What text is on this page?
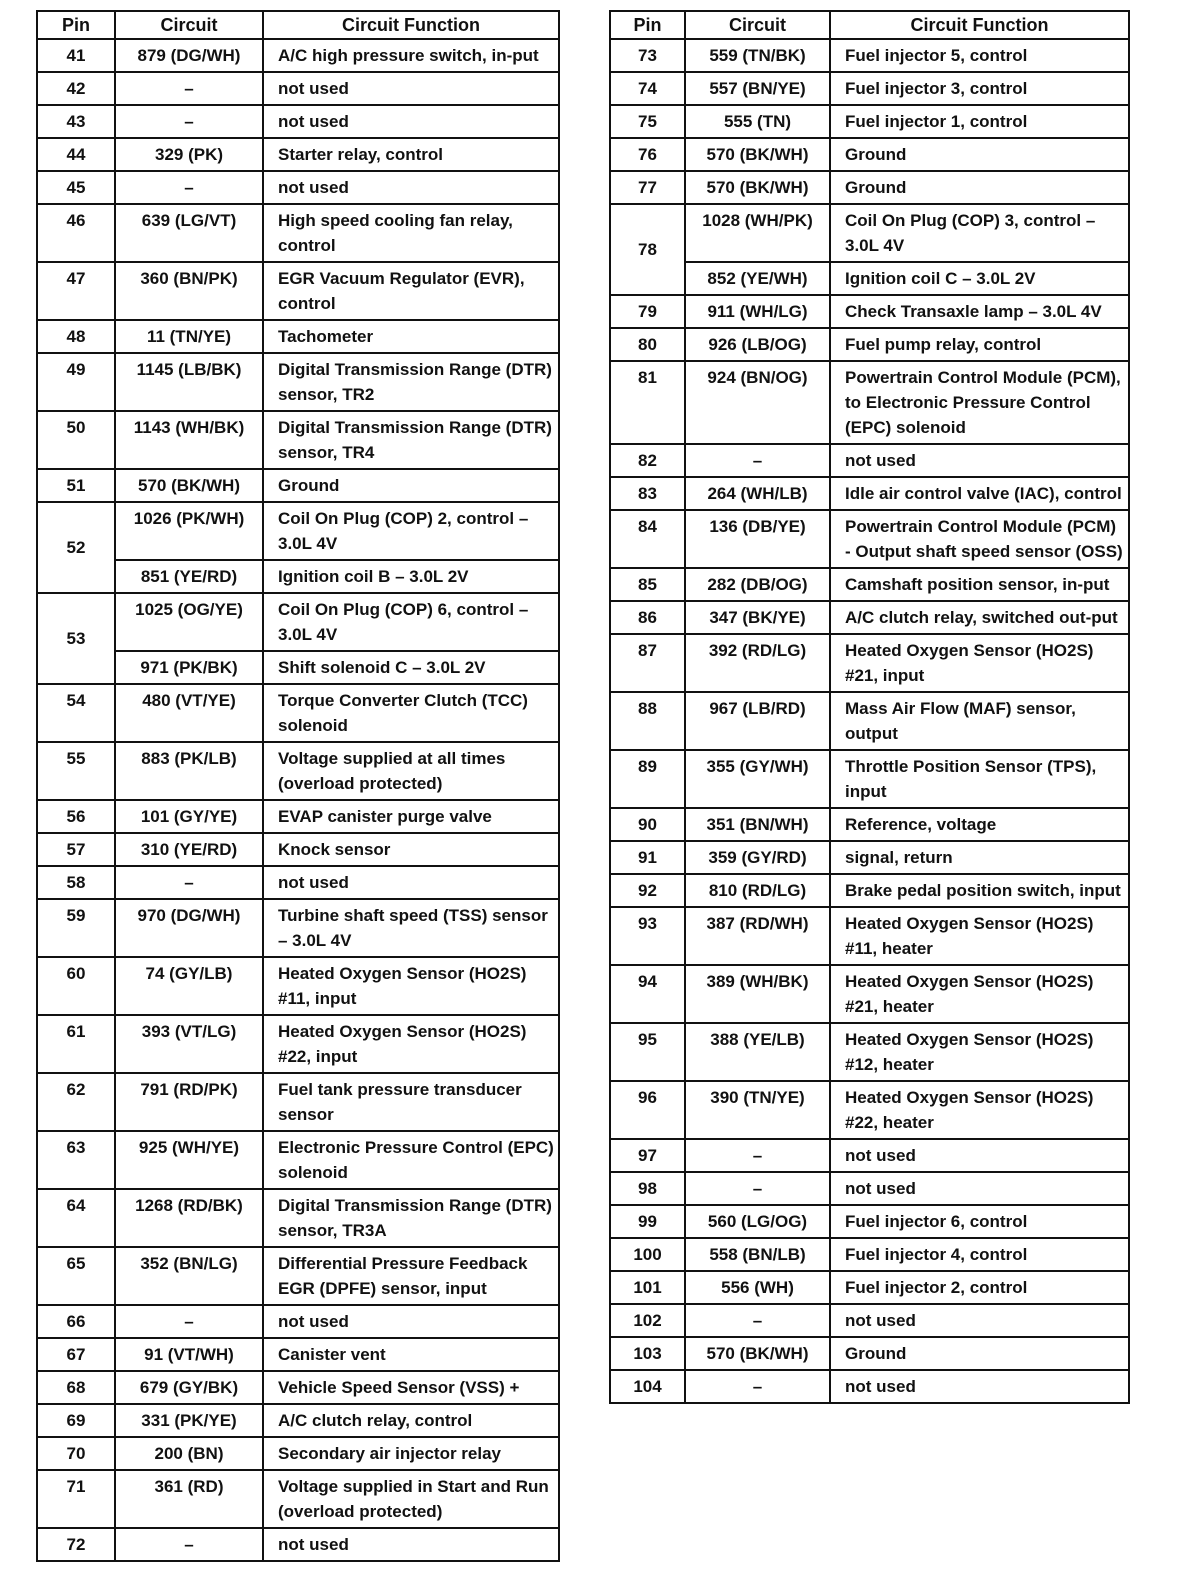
Pin	Circuit	Circuit Function
41	879 (DG/WH)	A/C high pressure switch, in-put
42	–	not used
43	–	not used
44	329 (PK)	Starter relay, control
45	–	not used
46	639 (LG/VT)	High speed cooling fan relay, control
47	360 (BN/PK)	EGR Vacuum Regulator (EVR), control
48	11 (TN/YE)	Tachometer
49	1145 (LB/BK)	Digital Transmission Range (DTR) sensor, TR2
50	1143 (WH/BK)	Digital Transmission Range (DTR) sensor, TR4
51	570 (BK/WH)	Ground
52	1026 (PK/WH)	Coil On Plug (COP) 2, control – 3.0L 4V
	851 (YE/RD)	Ignition coil B – 3.0L 2V
53	1025 (OG/YE)	Coil On Plug (COP) 6, control – 3.0L 4V
	971 (PK/BK)	Shift solenoid C – 3.0L 2V
54	480 (VT/YE)	Torque Converter Clutch (TCC) solenoid
55	883 (PK/LB)	Voltage supplied at all times (overload protected)
56	101 (GY/YE)	EVAP canister purge valve
57	310 (YE/RD)	Knock sensor
58	–	not used
59	970 (DG/WH)	Turbine shaft speed (TSS) sensor – 3.0L 4V
60	74 (GY/LB)	Heated Oxygen Sensor (HO2S) #11, input
61	393 (VT/LG)	Heated Oxygen Sensor (HO2S) #22, input
62	791 (RD/PK)	Fuel tank pressure transducer sensor
63	925 (WH/YE)	Electronic Pressure Control (EPC) solenoid
64	1268 (RD/BK)	Digital Transmission Range (DTR) sensor, TR3A
65	352 (BN/LG)	Differential Pressure Feedback EGR (DPFE) sensor, input
66	–	not used
67	91 (VT/WH)	Canister vent
68	679 (GY/BK)	Vehicle Speed Sensor (VSS) +
69	331 (PK/YE)	A/C clutch relay, control
70	200 (BN)	Secondary air injector relay
71	361 (RD)	Voltage supplied in Start and Run (overload protected)
72	–	not used
Pin	Circuit	Circuit Function
73	559 (TN/BK)	Fuel injector 5, control
74	557 (BN/YE)	Fuel injector 3, control
75	555 (TN)	Fuel injector 1, control
76	570 (BK/WH)	Ground
77	570 (BK/WH)	Ground
78	1028 (WH/PK)	Coil On Plug (COP) 3, control – 3.0L 4V
	852 (YE/WH)	Ignition coil C – 3.0L 2V
79	911 (WH/LG)	Check Transaxle lamp – 3.0L 4V
80	926 (LB/OG)	Fuel pump relay, control
81	924 (BN/OG)	Powertrain Control Module (PCM), to Electronic Pressure Control (EPC) solenoid
82	–	not used
83	264 (WH/LB)	Idle air control valve (IAC), control
84	136 (DB/YE)	Powertrain Control Module (PCM) - Output shaft speed sensor (OSS)
85	282 (DB/OG)	Camshaft position sensor, in-put
86	347 (BK/YE)	A/C clutch relay, switched out-put
87	392 (RD/LG)	Heated Oxygen Sensor (HO2S) #21, input
88	967 (LB/RD)	Mass Air Flow (MAF) sensor, output
89	355 (GY/WH)	Throttle Position Sensor (TPS), input
90	351 (BN/WH)	Reference, voltage
91	359 (GY/RD)	signal, return
92	810 (RD/LG)	Brake pedal position switch, input
93	387 (RD/WH)	Heated Oxygen Sensor (HO2S) #11, heater
94	389 (WH/BK)	Heated Oxygen Sensor (HO2S) #21, heater
95	388 (YE/LB)	Heated Oxygen Sensor (HO2S) #12, heater
96	390 (TN/YE)	Heated Oxygen Sensor (HO2S) #22, heater
97	–	not used
98	–	not used
99	560 (LG/OG)	Fuel injector 6, control
100	558 (BN/LB)	Fuel injector 4, control
101	556 (WH)	Fuel injector 2, control
102	–	not used
103	570 (BK/WH)	Ground
104	–	not used
